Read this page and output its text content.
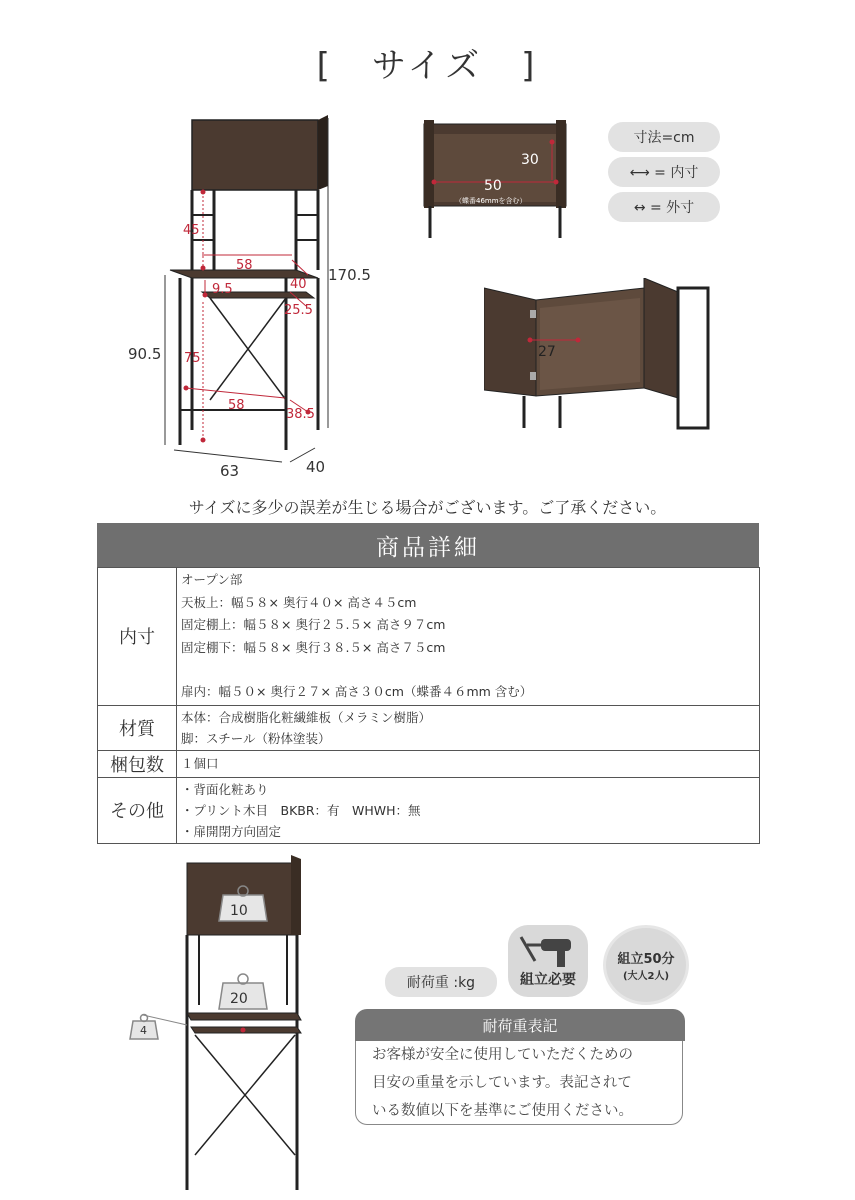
[　サイズ　]
170.5
90.5
63	40
45
58
40
9.5
25.5
75
58
38.5
30
50
（蝶番46mmを含む）
寸法=cm
⟷ = 内寸
↔ = 外寸
27
サイズに多少の誤差が生じる場合がございます。ご了承ください。
商品詳細
内寸	オープン部
天板上：幅５８× 奥行４０× 高さ４５cm
固定棚上：幅５８× 奥行２５.５× 高さ９７cm
固定棚下：幅５８× 奥行３８.５× 高さ７５cm
扉内：幅５０× 奥行２７× 高さ３０cm（蝶番４６mm 含む）

材質	本体：合成樹脂化粧繊維板（メラミン樹脂）
脚：スチール（粉体塗装）

梱包数	１個口

その他	・背面化粧あり
・プリント木目　BKBR：有　WHWH：無
・扉開閉方向固定
10
20
4
耐荷重 :kg	組立必要
組立50分
(大人2人)
耐荷重表記
お客様が安全に使用していただくための
目安の重量を示しています。表記されて
いる数値以下を基準にご使用ください。
